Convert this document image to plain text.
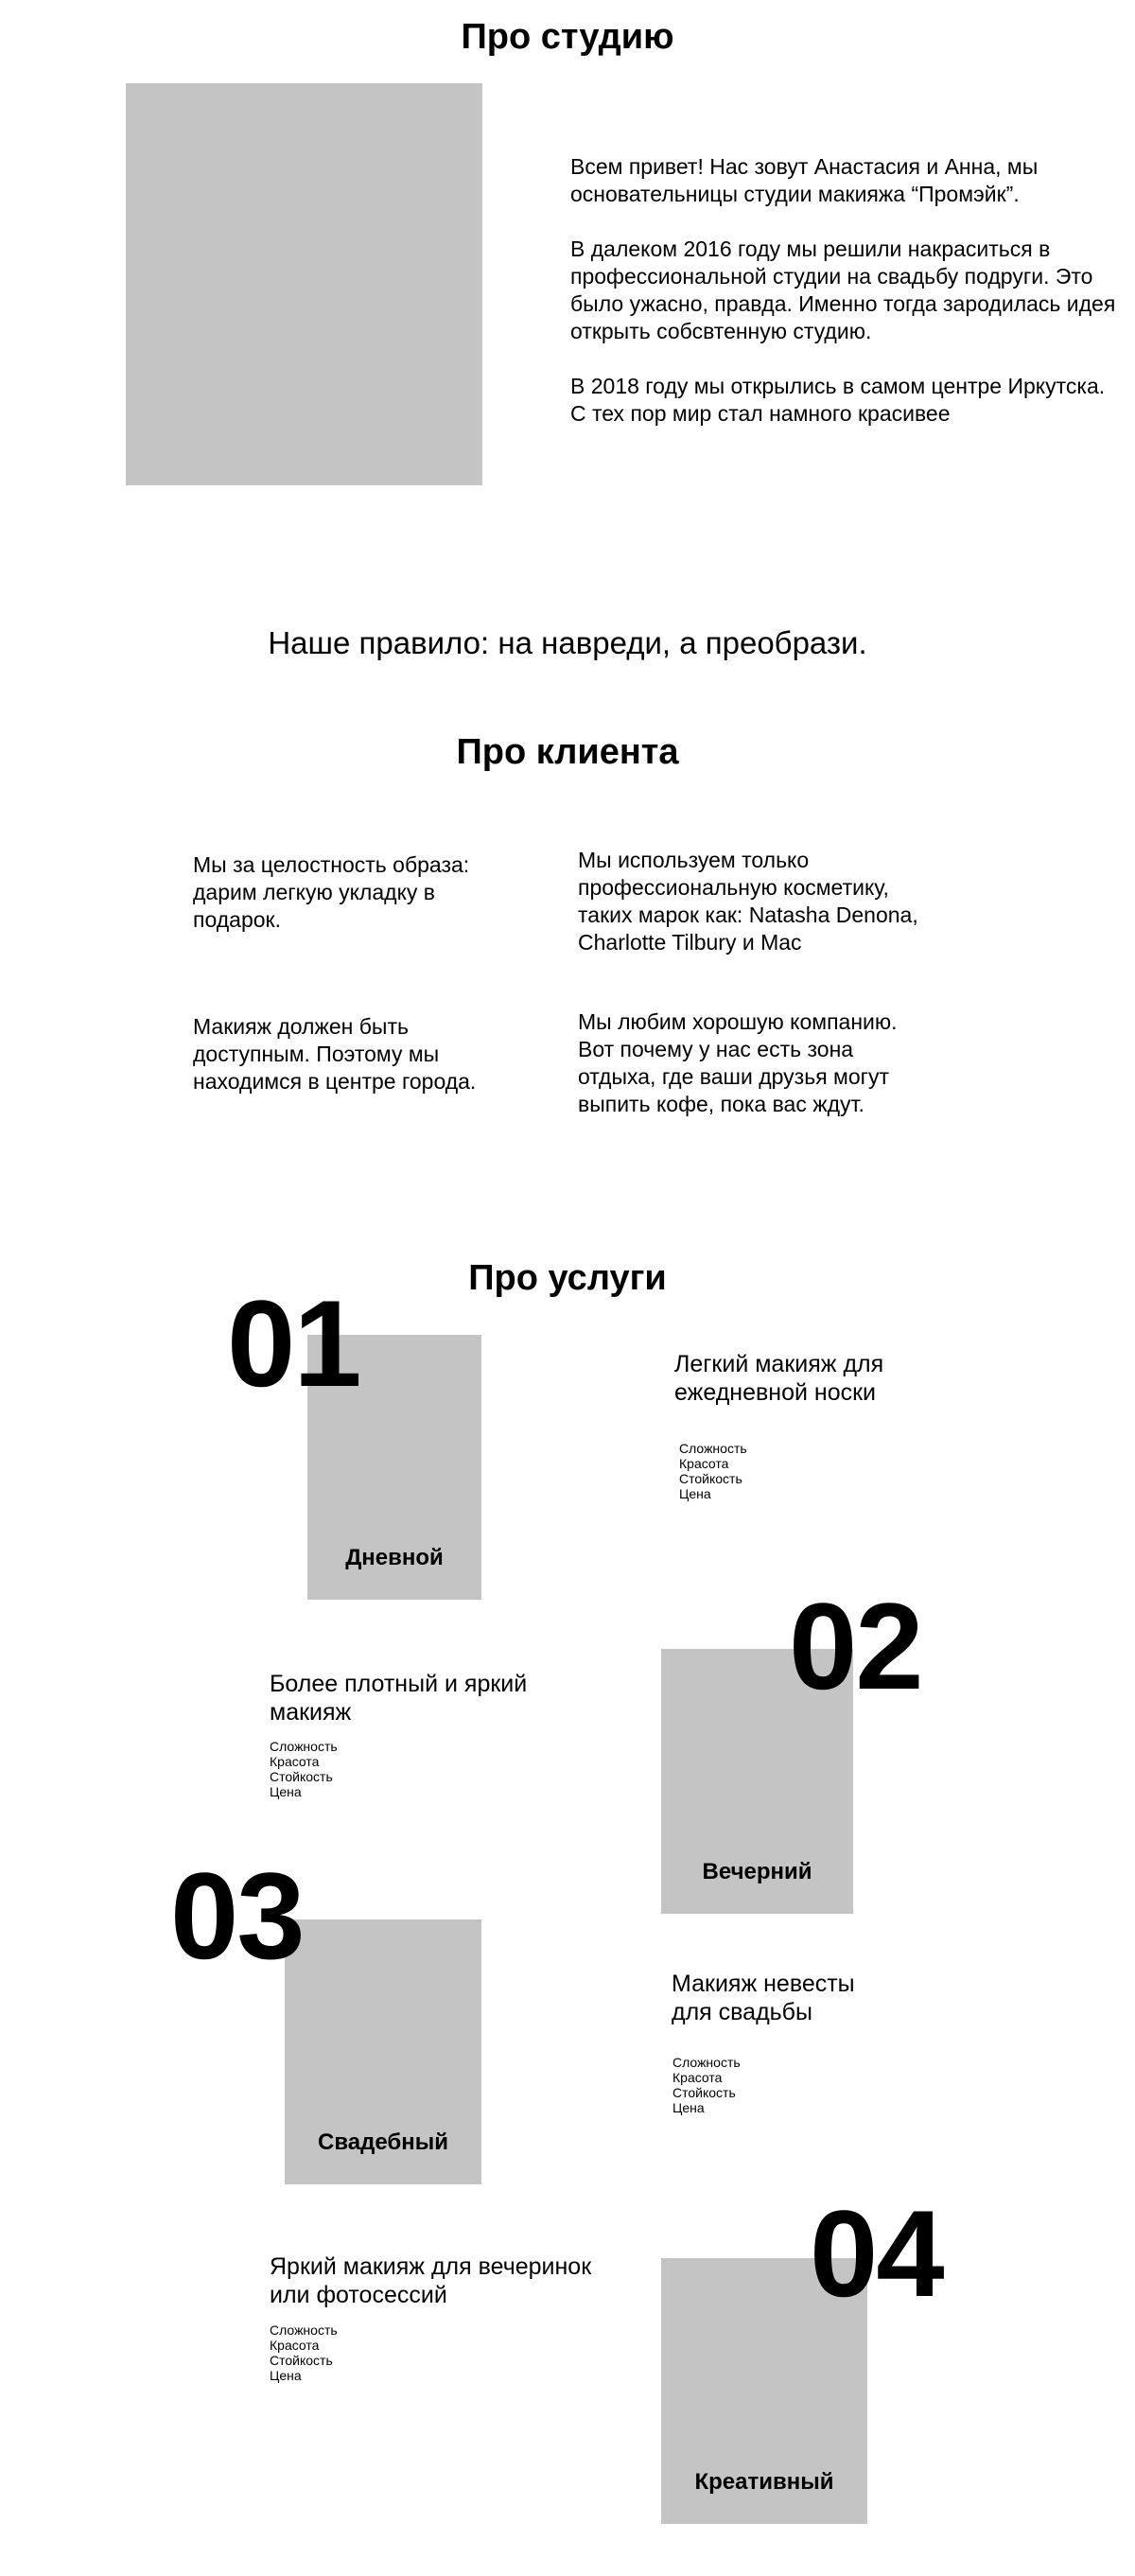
Про студию

Всем привет! Нас зовут Анастасия и Анна, мы основательницы студии макияжа “Промэйк”.

В далеком 2016 году мы решили накраситься в профессиональной студии на свадьбу подруги. Это было ужасно, правда. Именно тогда зародилась идея открыть собсвтенную студию.

В 2018 году мы открылись в самом центре Иркутска. С тех пор мир стал намного красивее

Наше правило: на навреди, а преобрази.
Про клиента
Мы за целостность образа: дарим легкую укладку в подарок.
Мы используем только профессиональную косметику, таких марок как: Natasha Denona, Charlotte Tilbury и Mac
Макияж должен быть доступным. Поэтому мы находимся в центре города.
Мы любим хорошую компанию. Вот почему у нас есть зона отдыха, где ваши друзья могут выпить кофе, пока вас ждут.
Про услуги
Дневной
01	Легкий макияж для ежедневной носки
Сложность
Красота
Стойкость
Цена
Вечерний
02
Более плотный и яркий макияж
Сложность
Красота
Стойкость
Цена
Свадебный
03	Макияж невесты для свадьбы
Сложность
Красота
Стойкость
Цена
Креативный
04
Яркий макияж для вечеринок или фотосессий
Сложность
Красота
Стойкость
Цена
